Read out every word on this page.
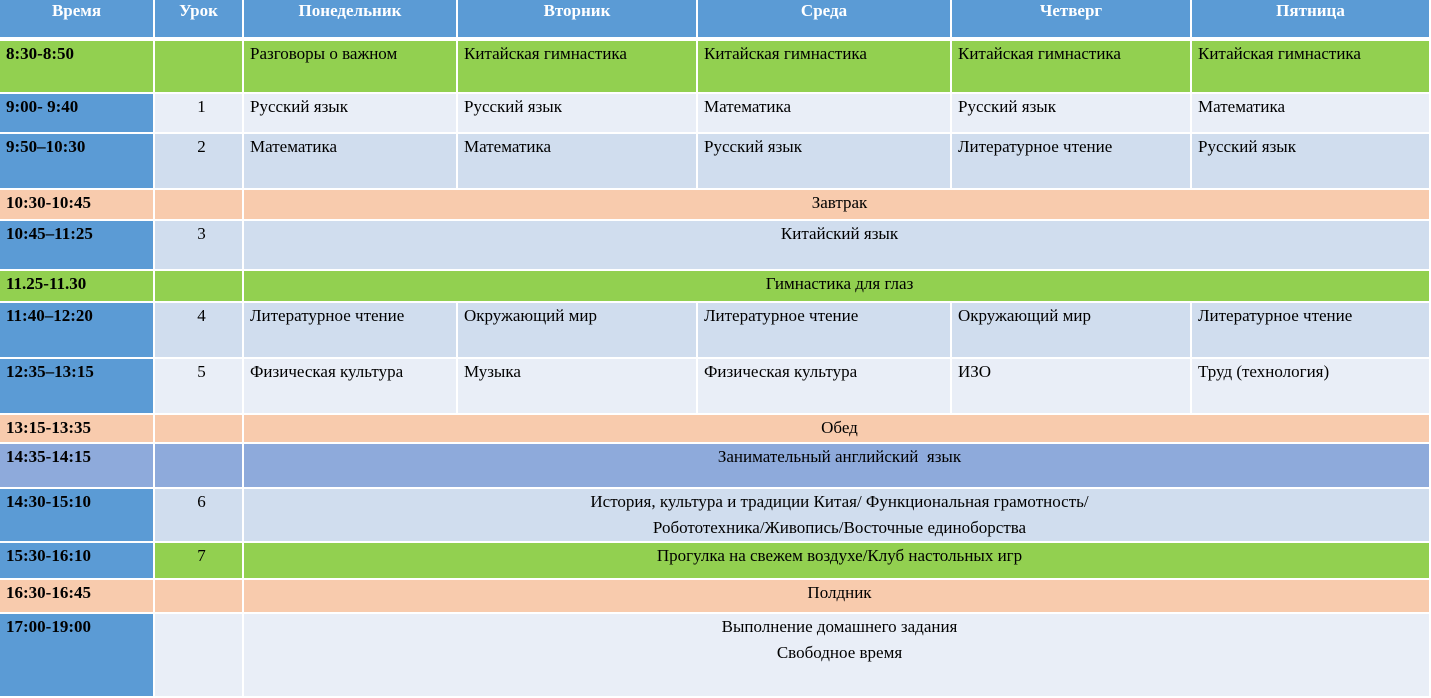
Время	Урок	Понедельник	Вторник	Среда	Четверг	Пятница
8:30-8:50		Разговоры о важном	Китайская гимнастика	Китайская гимнастика	Китайская гимнастика	Китайская гимнастика
9:00- 9:40	1	Русский язык	Русский язык	Математика	Русский язык	Математика
9:50–10:30	2	Математика	Математика	Русский язык	Литературное чтение	Русский язык
10:30-10:45		Завтрак				
10:45–11:25	3	Китайский язык				
11.25-11.30		Гимнастика для глаз				
11:40–12:20	4	Литературное чтение	Окружающий мир	Литературное чтение	Окружающий мир	Литературное чтение
12:35–13:15	5	Физическая культура	Музыка	Физическая культура	ИЗО	Труд (технология)
13:15-13:35		Обед				
14:35-14:15		Занимательный английский  язык				
14:30-15:10	6	История, культура и традиции Китая/ Функциональная грамотность/
Робототехника/Живопись/Восточные единоборства				

15:30-16:10	7	Прогулка на свежем воздухе/Клуб настольных игр				
16:30-16:45		Полдник				
17:00-19:00		Выполнение домашнего задания
Свободное время				
